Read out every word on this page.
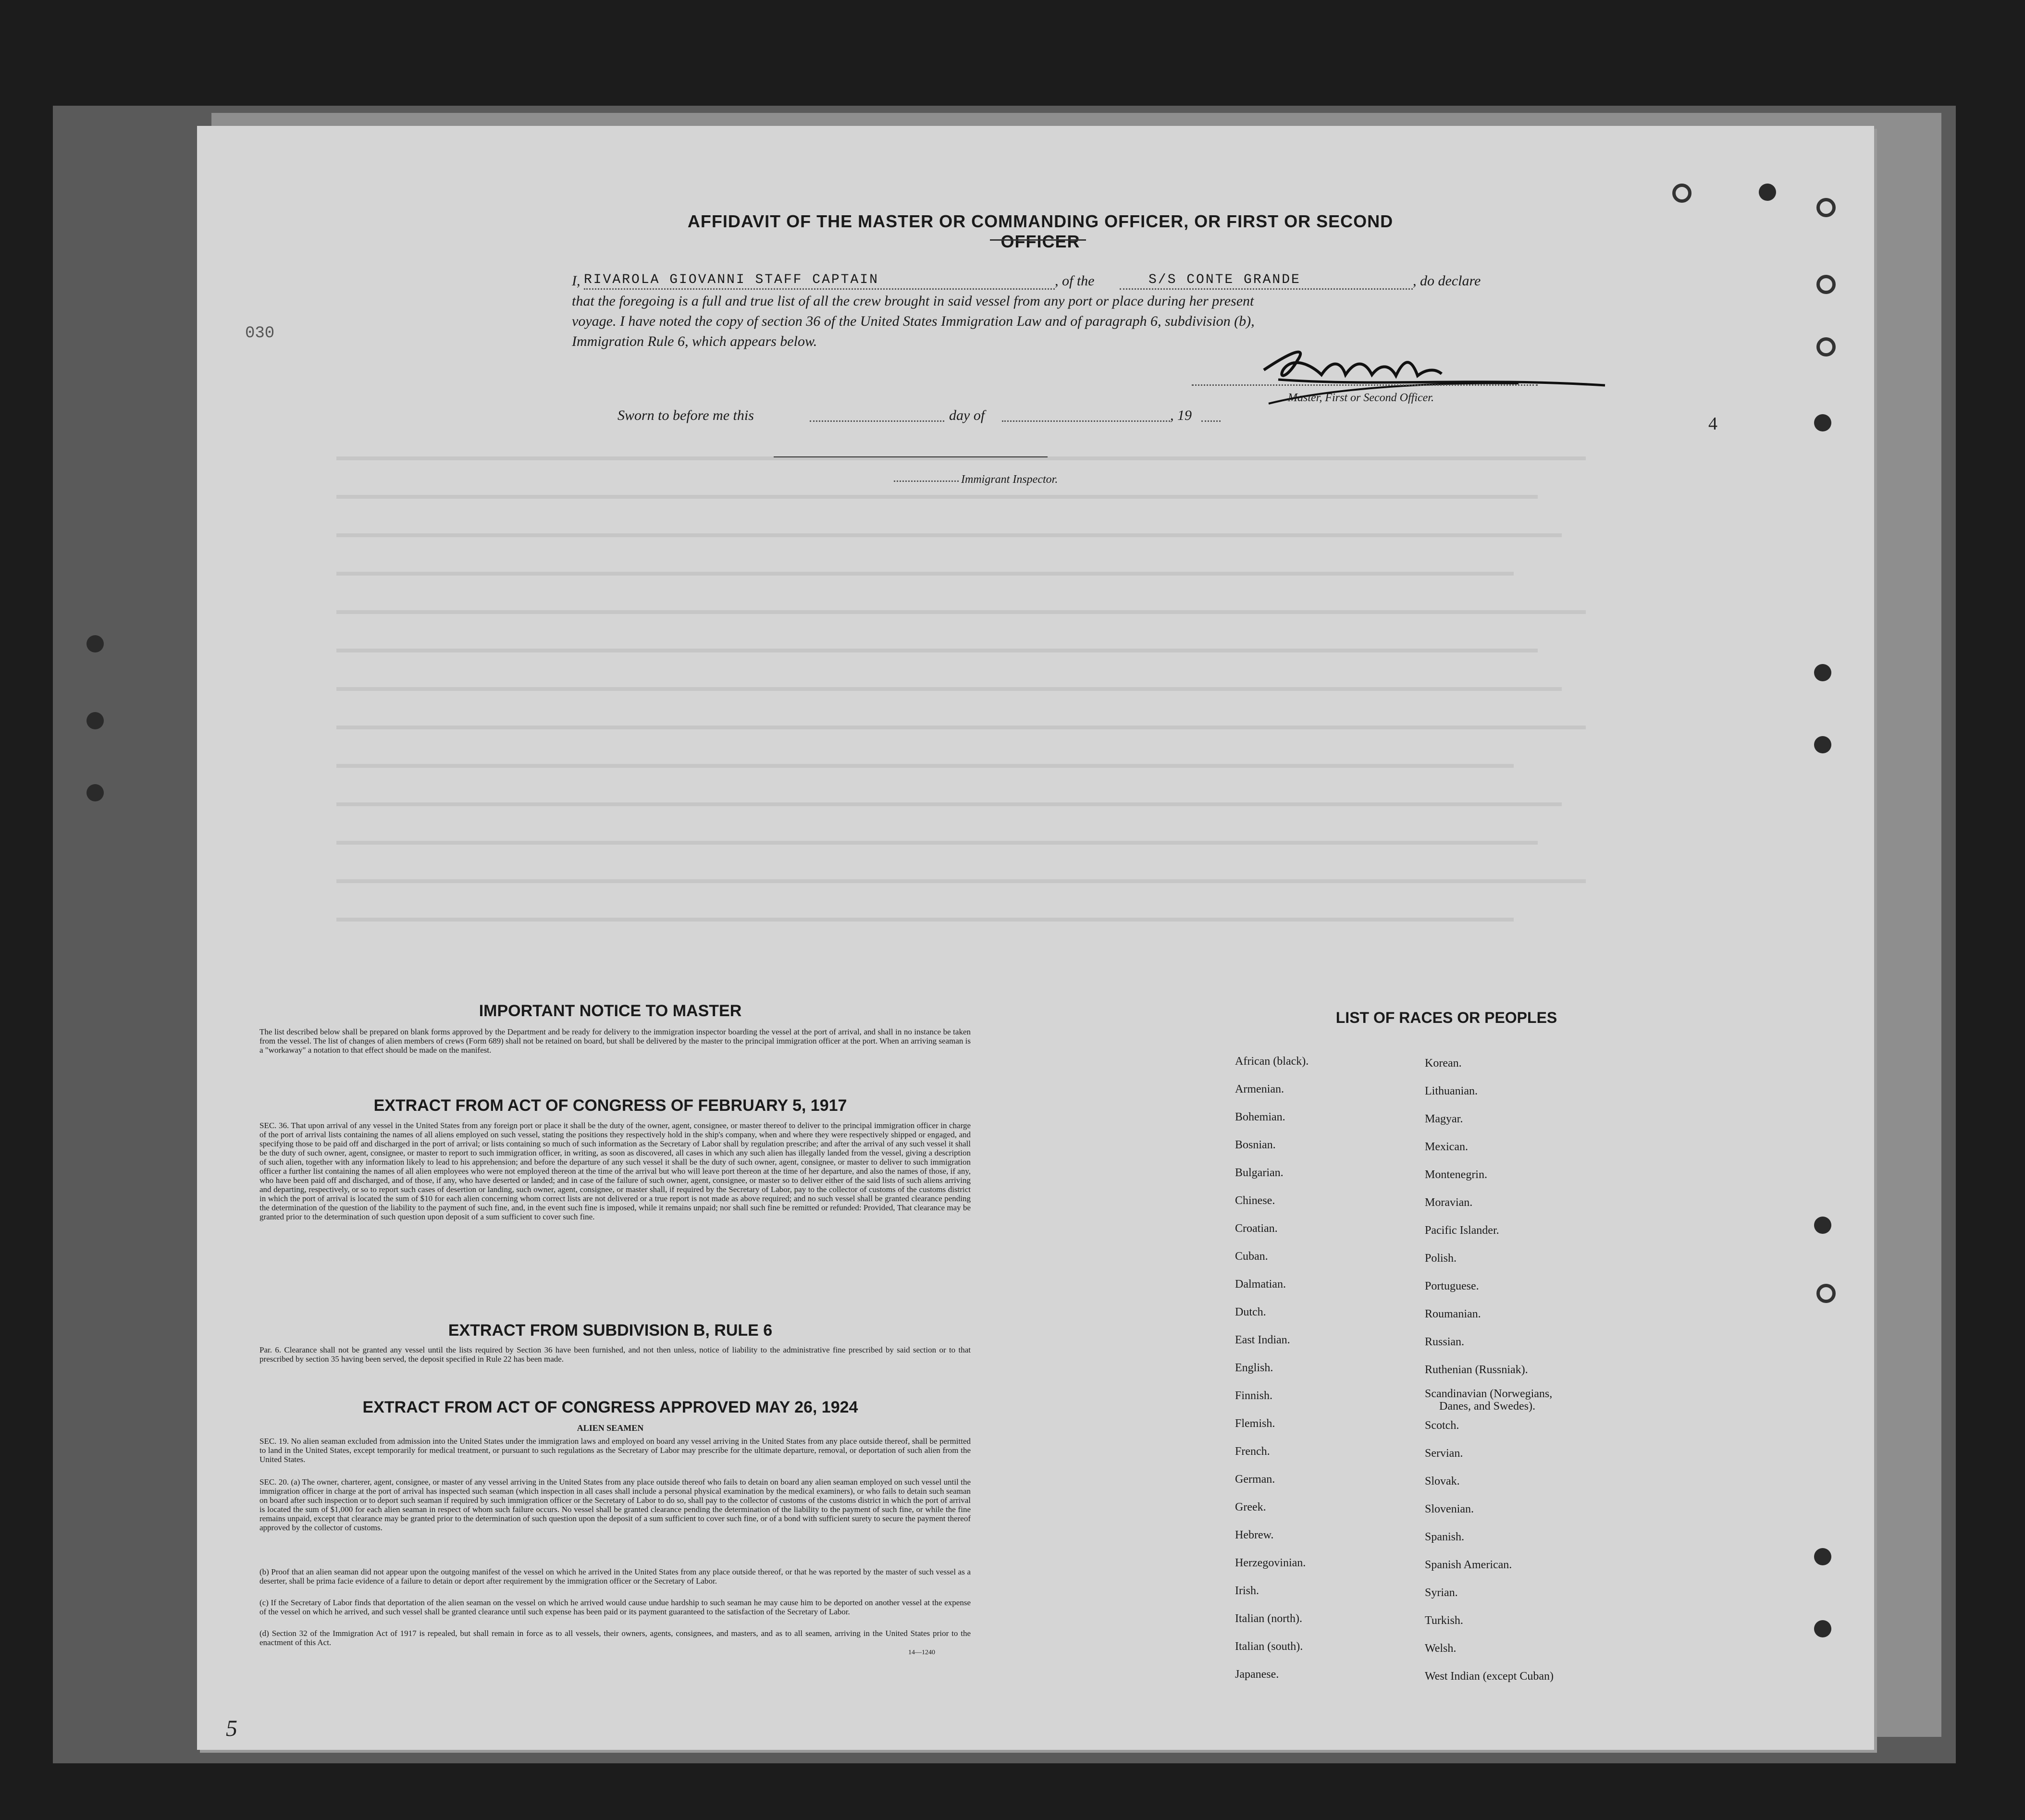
030
4
5
AFFIDAVIT OF THE MASTER OR COMMANDING OFFICER, OR FIRST OR SECOND OFFICER
I, RIVAROLA GIOVANNI STAFF CAPTAIN	, of the	S/S CONTE GRANDE	, do declare
that the foregoing is a full and true list of all the crew brought in said vessel from any port or place during her present
voyage. I have noted the copy of section 36 of the United States Immigration Law and of paragraph 6, subdivision (b),
Immigration Rule 6, which appears below.
Master, First or Second Officer.
Sworn to before me this	day of	, 19
Immigrant Inspector.
IMPORTANT NOTICE TO MASTER
The list described below shall be prepared on blank forms approved by the Department and be ready for delivery to the immigration inspector boarding the vessel at the port of arrival, and shall in no instance be taken from the vessel. The list of changes of alien members of crews (Form 689) shall not be retained on board, but shall be delivered by the master to the principal immigration officer at the port. When an arriving seaman is a "workaway" a notation to that effect should be made on the manifest.
EXTRACT FROM ACT OF CONGRESS OF FEBRUARY 5, 1917
SEC. 36. That upon arrival of any vessel in the United States from any foreign port or place it shall be the duty of the owner, agent, consignee, or master thereof to deliver to the principal immigration officer in charge of the port of arrival lists containing the names of all aliens employed on such vessel, stating the positions they respectively hold in the ship's company, when and where they were respectively shipped or engaged, and specifying those to be paid off and discharged in the port of arrival; or lists containing so much of such information as the Secretary of Labor shall by regulation prescribe; and after the arrival of any such vessel it shall be the duty of such owner, agent, consignee, or master to report to such immigration officer, in writing, as soon as discovered, all cases in which any such alien has illegally landed from the vessel, giving a description of such alien, together with any information likely to lead to his apprehension; and before the departure of any such vessel it shall be the duty of such owner, agent, consignee, or master to deliver to such immigration officer a further list containing the names of all alien employees who were not employed thereon at the time of the arrival but who will leave port thereon at the time of her departure, and also the names of those, if any, who have been paid off and discharged, and of those, if any, who have deserted or landed; and in case of the failure of such owner, agent, consignee, or master so to deliver either of the said lists of such aliens arriving and departing, respectively, or so to report such cases of desertion or landing, such owner, agent, consignee, or master shall, if required by the Secretary of Labor, pay to the collector of customs of the customs district in which the port of arrival is located the sum of $10 for each alien concerning whom correct lists are not delivered or a true report is not made as above required; and no such vessel shall be granted clearance pending the determination of the question of the liability to the payment of such fine, and, in the event such fine is imposed, while it remains unpaid; nor shall such fine be remitted or refunded: Provided, That clearance may be granted prior to the determination of such question upon deposit of a sum sufficient to cover such fine.
EXTRACT FROM SUBDIVISION B, RULE 6
Par. 6. Clearance shall not be granted any vessel until the lists required by Section 36 have been furnished, and not then unless, notice of liability to the administrative fine prescribed by said section or to that prescribed by section 35 having been served, the deposit specified in Rule 22 has been made.
EXTRACT FROM ACT OF CONGRESS APPROVED MAY 26, 1924
ALIEN SEAMEN
SEC. 19. No alien seaman excluded from admission into the United States under the immigration laws and employed on board any vessel arriving in the United States from any place outside thereof, shall be permitted to land in the United States, except temporarily for medical treatment, or pursuant to such regulations as the Secretary of Labor may prescribe for the ultimate departure, removal, or deportation of such alien from the United States.
SEC. 20. (a) The owner, charterer, agent, consignee, or master of any vessel arriving in the United States from any place outside thereof who fails to detain on board any alien seaman employed on such vessel until the immigration officer in charge at the port of arrival has inspected such seaman (which inspection in all cases shall include a personal physical examination by the medical examiners), or who fails to detain such seaman on board after such inspection or to deport such seaman if required by such immigration officer or the Secretary of Labor to do so, shall pay to the collector of customs of the customs district in which the port of arrival is located the sum of $1,000 for each alien seaman in respect of whom such failure occurs. No vessel shall be granted clearance pending the determination of the liability to the payment of such fine, or while the fine remains unpaid, except that clearance may be granted prior to the determination of such question upon the deposit of a sum sufficient to cover such fine, or of a bond with sufficient surety to secure the payment thereof approved by the collector of customs.
(b) Proof that an alien seaman did not appear upon the outgoing manifest of the vessel on which he arrived in the United States from any place outside thereof, or that he was reported by the master of such vessel as a deserter, shall be prima facie evidence of a failure to detain or deport after requirement by the immigration officer or the Secretary of Labor.
(c) If the Secretary of Labor finds that deportation of the alien seaman on the vessel on which he arrived would cause undue hardship to such seaman he may cause him to be deported on another vessel at the expense of the vessel on which he arrived, and such vessel shall be granted clearance until such expense has been paid or its payment guaranteed to the satisfaction of the Secretary of Labor.
(d) Section 32 of the Immigration Act of 1917 is repealed, but shall remain in force as to all vessels, their owners, agents, consignees, and masters, and as to all seamen, arriving in the United States prior to the enactment of this Act.
14—1240
LIST OF RACES OR PEOPLES
African (black).
Armenian.
Bohemian.
Bosnian.
Bulgarian.
Chinese.
Croatian.
Cuban.
Dalmatian.
Dutch.
East Indian.
English.
Finnish.
Flemish.
French.
German.
Greek.
Hebrew.
Herzegovinian.
Irish.
Italian (north).
Italian (south).
Japanese.
Korean.
Lithuanian.
Magyar.
Mexican.
Montenegrin.
Moravian.
Pacific Islander.
Polish.
Portuguese.
Roumanian.
Russian.
Ruthenian (Russniak).
Scandinavian (Norwegians,
Danes, and Swedes).
Scotch.
Servian.
Slovak.
Slovenian.
Spanish.
Spanish American.
Syrian.
Turkish.
Welsh.
West Indian (except Cuban)
